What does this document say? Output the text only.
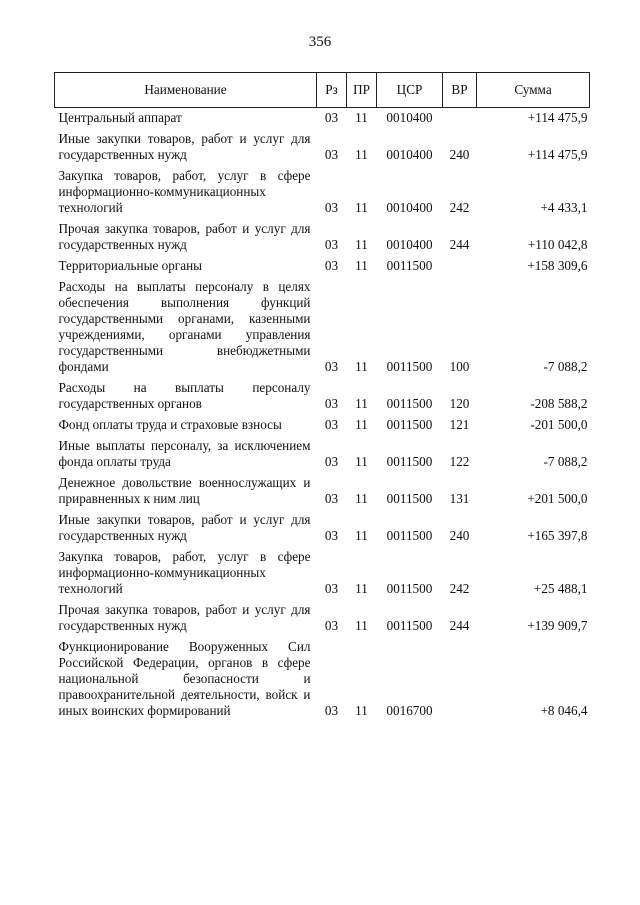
356
Наименование	Рз	ПР	ЦСР	ВР	Сумма
Центральный аппарат	03	11	0010400		+114 475,9
Иные закупки товаров, работ и услуг для государственных нужд	03	11	0010400	240	+114 475,9
Закупка товаров, работ, услуг в сфере информационно-коммуникационных технологий	03	11	0010400	242	+4 433,1
Прочая закупка товаров, работ и услуг для государственных нужд	03	11	0010400	244	+110 042,8
Территориальные органы	03	11	0011500		+158 309,6
Расходы на выплаты персоналу в целях обеспечения выполнения функций государственными органами, казенными учреждениями, органами управления государственными внебюджетными фондами	03	11	0011500	100	-7 088,2
Расходы на выплаты персоналу государственных органов	03	11	0011500	120	-208 588,2
Фонд оплаты труда и страховые взносы	03	11	0011500	121	-201 500,0
Иные выплаты персоналу, за исключением фонда оплаты труда	03	11	0011500	122	-7 088,2
Денежное довольствие военнослужащих и приравненных к ним лиц	03	11	0011500	131	+201 500,0
Иные закупки товаров, работ и услуг для государственных нужд	03	11	0011500	240	+165 397,8
Закупка товаров, работ, услуг в сфере информационно-коммуникационных технологий	03	11	0011500	242	+25 488,1
Прочая закупка товаров, работ и услуг для государственных нужд	03	11	0011500	244	+139 909,7
Функционирование Вооруженных Сил Российской Федерации, органов в сфере национальной безопасности и правоохранительной деятельности, войск и иных воинских формирований	03	11	0016700		+8 046,4
